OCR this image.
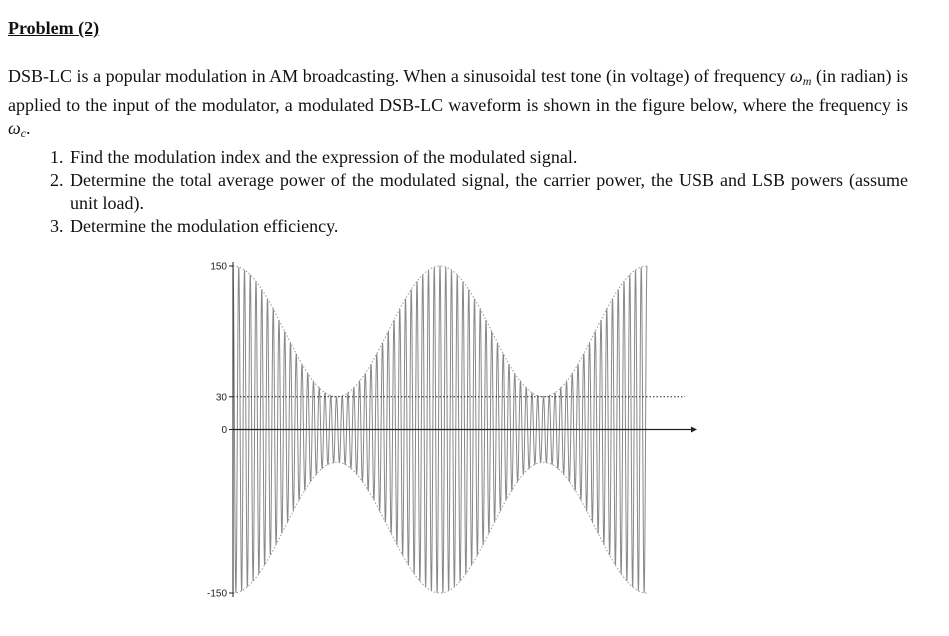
Problem (2)

DSB-LC is a popular modulation in AM broadcasting. When a sinusoidal test tone (in voltage) of frequency $\omega_m$ (in radian) is applied to the input of the modulator, a modulated DSB-LC waveform is shown in the figure below, where the frequency is $\omega_c$.

1. Find the modulation index and the expression of the modulated signal.
2. Determine the total average power of the modulated signal, the carrier power, the USB and LSB powers (assume unit load).
3. Determine the modulation efficiency.
150
30
0
-150
